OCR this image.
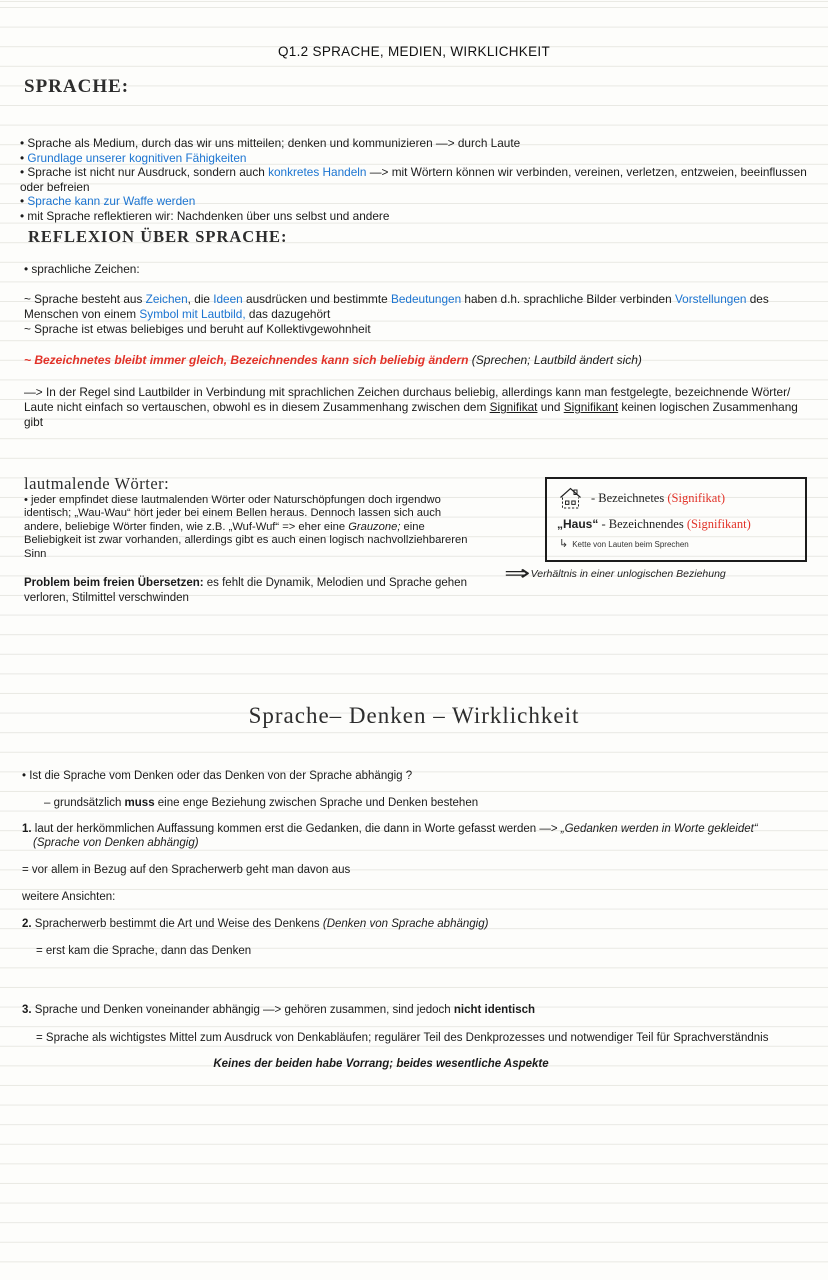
Q1.2 SPRACHE, MEDIEN, WIRKLICHKEIT
SPRACHE:
• Sprache als Medium, durch das wir uns mitteilen; denken und kommunizieren —> durch Laute
• Grundlage unserer kognitiven Fähigkeiten
• Sprache ist nicht nur Ausdruck, sondern auch konkretes Handeln —> mit Wörtern können wir verbinden, vereinen, verletzen, entzweien, beeinflussen oder befreien
• Sprache kann zur Waffe werden
• mit Sprache reflektieren wir: Nachdenken über uns selbst und andere
REFLEXION ÜBER SPRACHE:
• sprachliche Zeichen:
~ Sprache besteht aus Zeichen, die Ideen ausdrücken und bestimmte Bedeutungen haben d.h. sprachliche Bilder verbinden Vorstellungen des Menschen von einem Symbol mit Lautbild, das dazugehört
~ Sprache ist etwas beliebiges und beruht auf Kollektivgewohnheit
~ Bezeichnetes bleibt immer gleich, Bezeichnendes kann sich beliebig ändern (Sprechen; Lautbild ändert sich)
—> In der Regel sind Lautbilder in Verbindung mit sprachlichen Zeichen durchaus beliebig, allerdings kann man festgelegte, bezeichnende Wörter/ Laute nicht einfach so vertauschen, obwohl es in diesem Zusammenhang zwischen dem Signifikat und Signifikant keinen logischen Zusammenhang gibt
lautmalende Wörter:
• jeder empfindet diese lautmalenden Wörter oder Naturschöpfungen doch irgendwo identisch; „Wau-Wau“ hört jeder bei einem Bellen heraus. Dennoch lassen sich auch andere, beliebige Wörter finden, wie z.B. „Wuf-Wuf“ => eher eine Grauzone; eine Beliebigkeit ist zwar vorhanden, allerdings gibt es auch einen logisch nachvollziehbareren Sinn
- Bezeichnetes (Signifikat)
„Haus“ - Bezeichnendes (Signifikant)
↳ Kette von Lauten beim Sprechen
⇒ Verhältnis in einer unlogischen Beziehung
Problem beim freien Übersetzen: es fehlt die Dynamik, Melodien und Sprache gehen verloren, Stilmittel verschwinden
Sprache– Denken – Wirklichkeit
• Ist die Sprache vom Denken oder das Denken von der Sprache abhängig ?
– grundsätzlich muss eine enge Beziehung zwischen Sprache und Denken bestehen
1. laut der herkömmlichen Auffassung kommen erst die Gedanken, die dann in Worte gefasst werden —> „Gedanken werden in Worte gekleidet“
(Sprache von Denken abhängig)
= vor allem in Bezug auf den Spracherwerb geht man davon aus
weitere Ansichten:
2. Spracherwerb bestimmt die Art und Weise des Denkens (Denken von Sprache abhängig)
= erst kam die Sprache, dann das Denken
3. Sprache und Denken voneinander abhängig —> gehören zusammen, sind jedoch nicht identisch
= Sprache als wichtigstes Mittel zum Ausdruck von Denkabläufen; regulärer Teil des Denkprozesses und notwendiger Teil für Sprachverständnis
Keines der beiden habe Vorrang; beides wesentliche Aspekte
